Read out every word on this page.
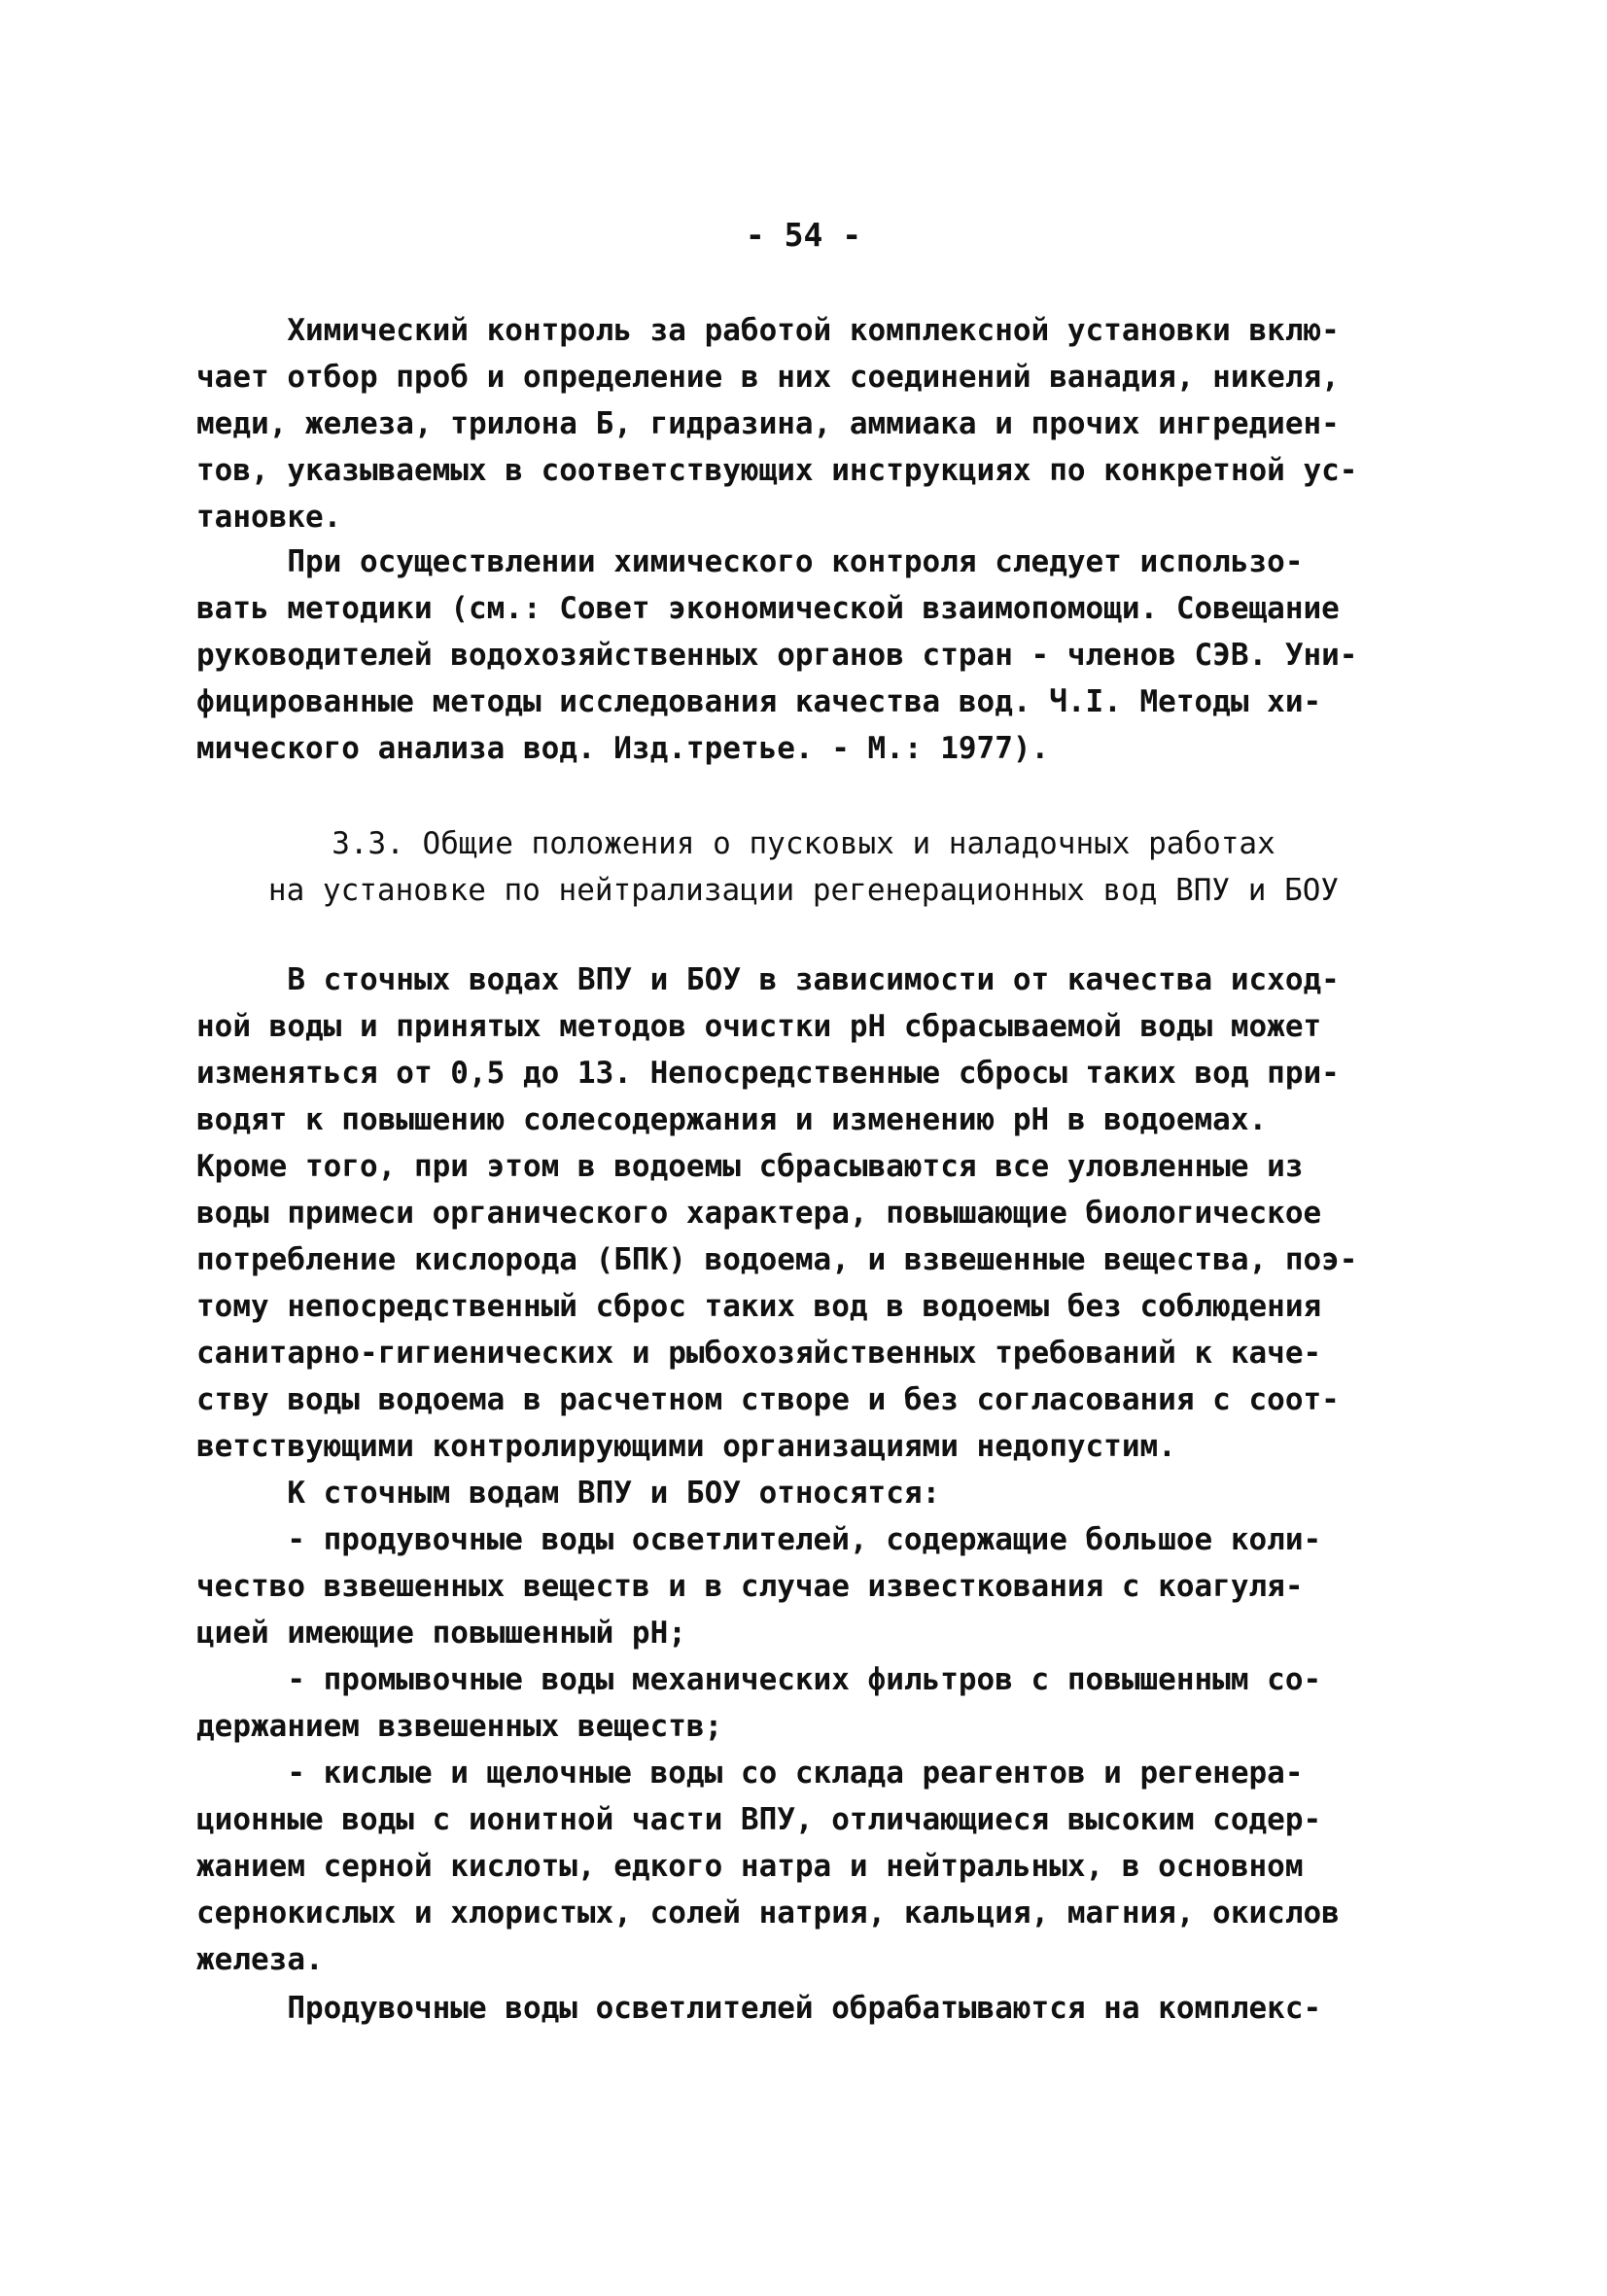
- 54 -
Химический контроль за работой комплексной установки вклю-
чает отбор проб и определение в них соединений ванадия, никеля,
меди, железа, трилона Б, гидразина, аммиака и прочих ингредиен-
тов, указываемых в соответствующих инструкциях по конкретной ус-
тановке.
При осуществлении химического контроля следует использо-
вать методики (см.: Совет экономической взаимопомощи. Совещание
руководителей водохозяйственных органов стран - членов СЭВ. Уни-
фицированные методы исследования качества вод. Ч.I. Методы хи-
мического анализа вод. Изд.третье. - М.: 1977).
3.3. Общие положения о пусковых и наладочных работах
на установке по нейтрализации регенерационных вод ВПУ и БОУ
В сточных водах ВПУ и БОУ в зависимости от качества исход-
ной воды и принятых методов очистки рН сбрасываемой воды может
изменяться от 0,5 до 13. Непосредственные сбросы таких вод при-
водят к повышению солесодержания и изменению рН в водоемах.
Кроме того, при этом в водоемы сбрасываются все уловленные из
воды примеси органического характера, повышающие биологическое
потребление кислорода (БПК) водоема, и взвешенные вещества, поэ-
тому непосредственный сброс таких вод в водоемы без соблюдения
санитарно-гигиенических и рыбохозяйственных требований к каче-
ству воды водоема в расчетном створе и без согласования с соот-
ветствующими контролирующими организациями недопустим.
К сточным водам ВПУ и БОУ относятся:
- продувочные воды осветлителей, содержащие большое коли-
чество взвешенных веществ и в случае известкования с коагуля-
цией имеющие повышенный рН;
- промывочные воды механических фильтров с повышенным со-
держанием взвешенных веществ;
- кислые и щелочные воды со склада реагентов и регенера-
ционные воды с ионитной части ВПУ, отличающиеся высоким содер-
жанием серной кислоты, едкого натра и нейтральных, в основном
сернокислых и хлористых, солей натрия, кальция, магния, окислов
железа.
Продувочные воды осветлителей обрабатываются на комплекс-
